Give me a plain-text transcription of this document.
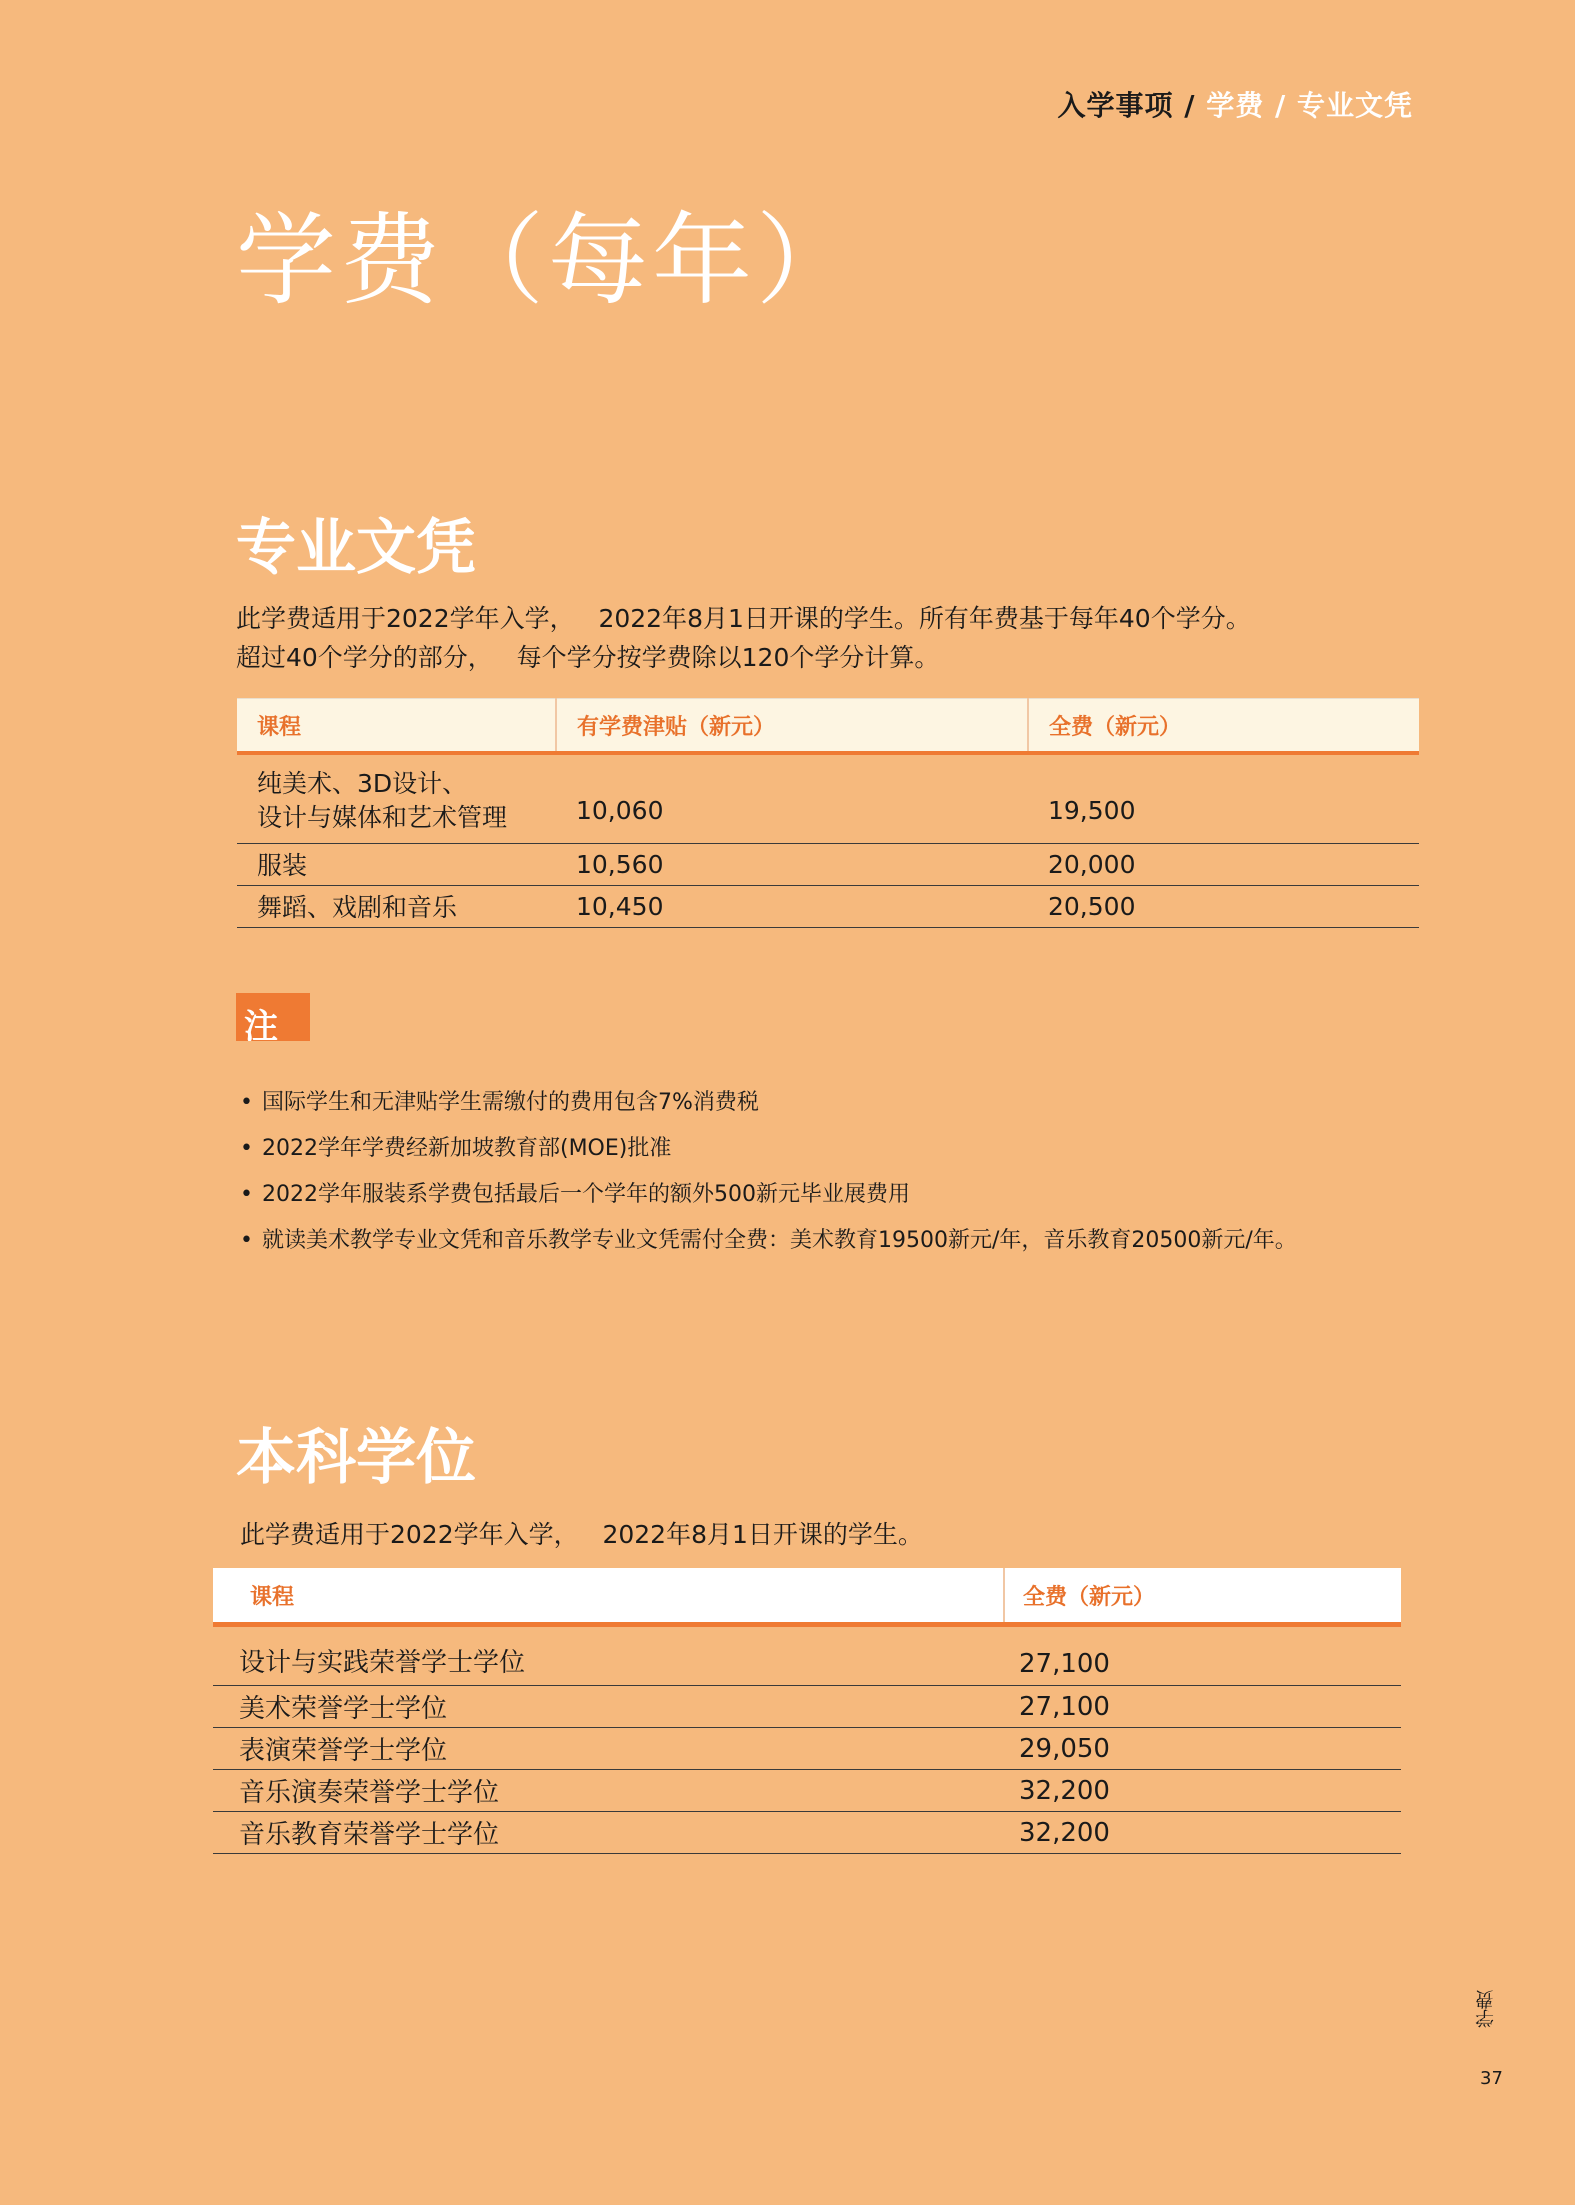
入学事项 / 学费 / 专业文凭
学费（每年）
专业文凭
此学费适用于2022学年入学，   2022年8月1日开课的学生。所有年费基于每年40个学分。
超过40个学分的部分，   每个学分按学费除以120个学分计算。
课程	有学费津贴（新元）	全费（新元）

纯美术、3D设计、
设计与媒体和艺术管理	10,060	19,500
服装	10,560	20,000
舞蹈、戏剧和音乐	10,450	20,500
注
• 国际学生和无津贴学生需缴付的费用包含7%消费税
• 2022学年学费经新加坡教育部(MOE)批准
• 2022学年服装系学费包括最后一个学年的额外500新元毕业展费用
• 就读美术教学专业文凭和音乐教学专业文凭需付全费：美术教育19500新元/年，音乐教育20500新元/年。
本科学位
此学费适用于2022学年入学，   2022年8月1日开课的学生。
课程	全费（新元）
设计与实践荣誉学士学位	27,100
美术荣誉学士学位	27,100
表演荣誉学士学位	29,050
音乐演奏荣誉学士学位	32,200
音乐教育荣誉学士学位	32,200
学费
37
